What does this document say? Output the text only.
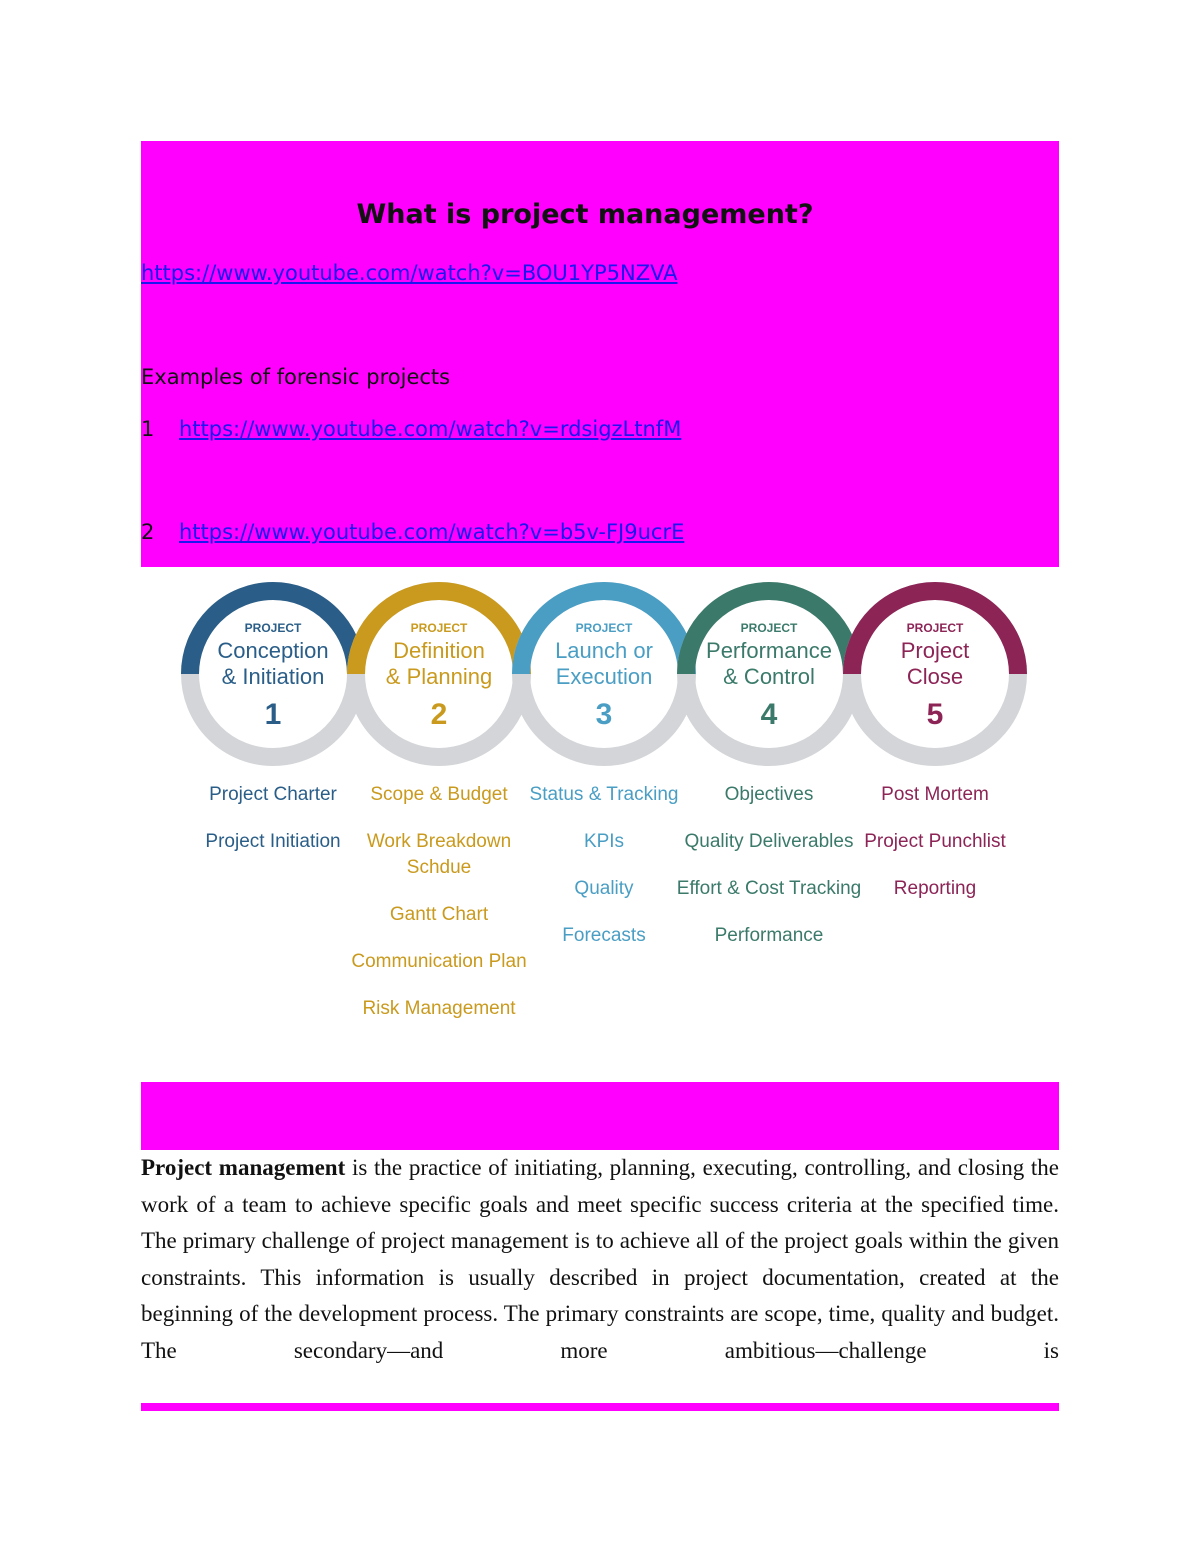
What is project management?
https://www.youtube.com/watch?v=BOU1YP5NZVA
Examples of forensic projects
1 https://www.youtube.com/watch?v=rdsigzLtnfM
2 https://www.youtube.com/watch?v=b5v-FJ9ucrE
PROJECT
Conception
& Initiation
1
PROJECT
Definition
& Planning
2
PROJECT
Launch or
Execution
3
PROJECT
Performance
& Control
4
PROJECT
Project
Close
5
Project Charter
Project Initiation
Scope & Budget
Work Breakdown Schdue
Gantt Chart
Communication Plan
Risk Management
Status & Tracking
KPIs
Quality
Forecasts
Objectives
Quality Deliverables
Effort & Cost Tracking
Performance
Post Mortem
Project Punchlist
Reporting
Project management is the practice of initiating, planning, executing, controlling, and closing the work of a team to achieve specific goals and meet specific success criteria at the specified time. The primary challenge of project management is to achieve all of the project goals within the given constraints. This information is usually described in project documentation, created at the beginning of the development process. The primary constraints are scope, time, quality and budget. The secondary—and more ambitious—challenge is
